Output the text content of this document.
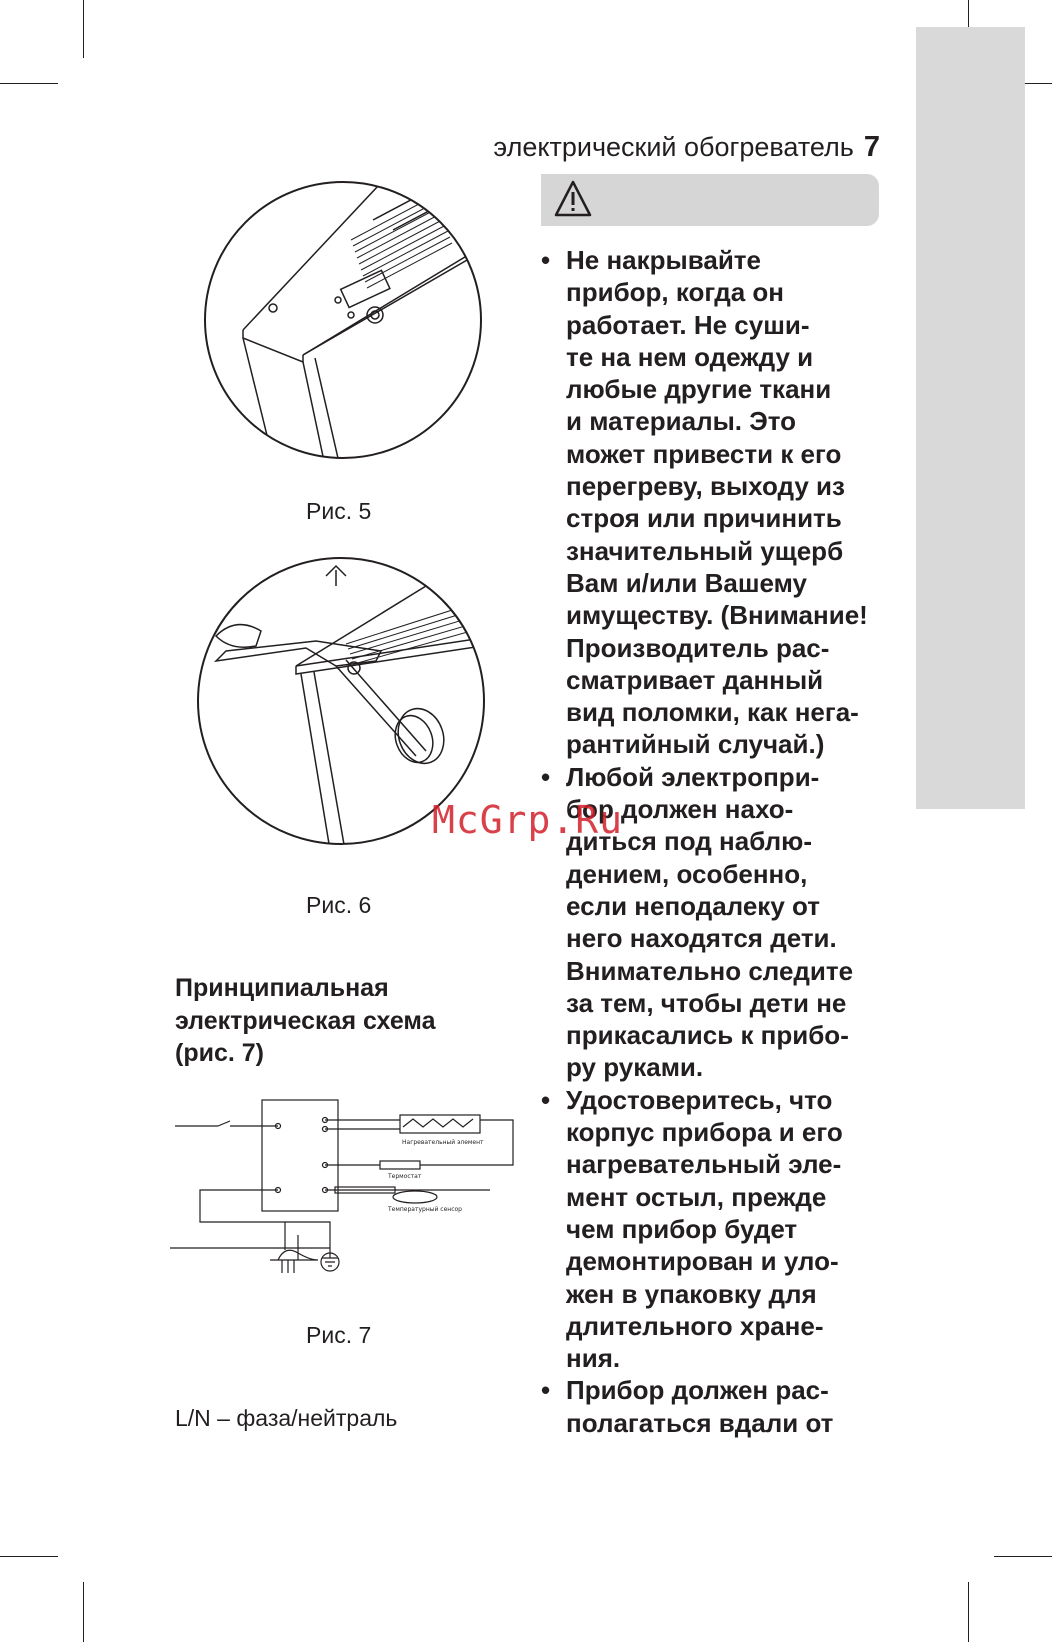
электрический обогреватель 7
• Не накрывайте
прибор, когда он
работает. Не суши-
те на нем одежду и
любые другие ткани
и материалы. Это
может привести к его
перегреву, выходу из
строя или причинить
значительный ущерб
Вам и/или Вашему
имуществу. (Внимание!
Производитель рас-
сматривает данный
вид поломки, как нега-
рантийный случай.)
• Любой электропри-
бор должен нахо-
диться под наблю-
дением, особенно,
если неподалеку от
него находятся дети.
Внимательно следите
за тем, чтобы дети не
прикасались к прибо-
ру руками.
• Удостоверитесь, что
корпус прибора и его
нагревательный эле-
мент остыл, прежде
чем прибор будет
демонтирован и уло-
жен в упаковку для
длительного хране-
ния.
• Прибор должен рас-
полагаться вдали от
Рис. 5
Рис. 6
Принципиальная
электрическая схема
(рис. 7)
Нагревательный элемент
Термостат
Температурный сенсор
Рис. 7
L/N – фаза/нейтраль
McGrp.Ru
